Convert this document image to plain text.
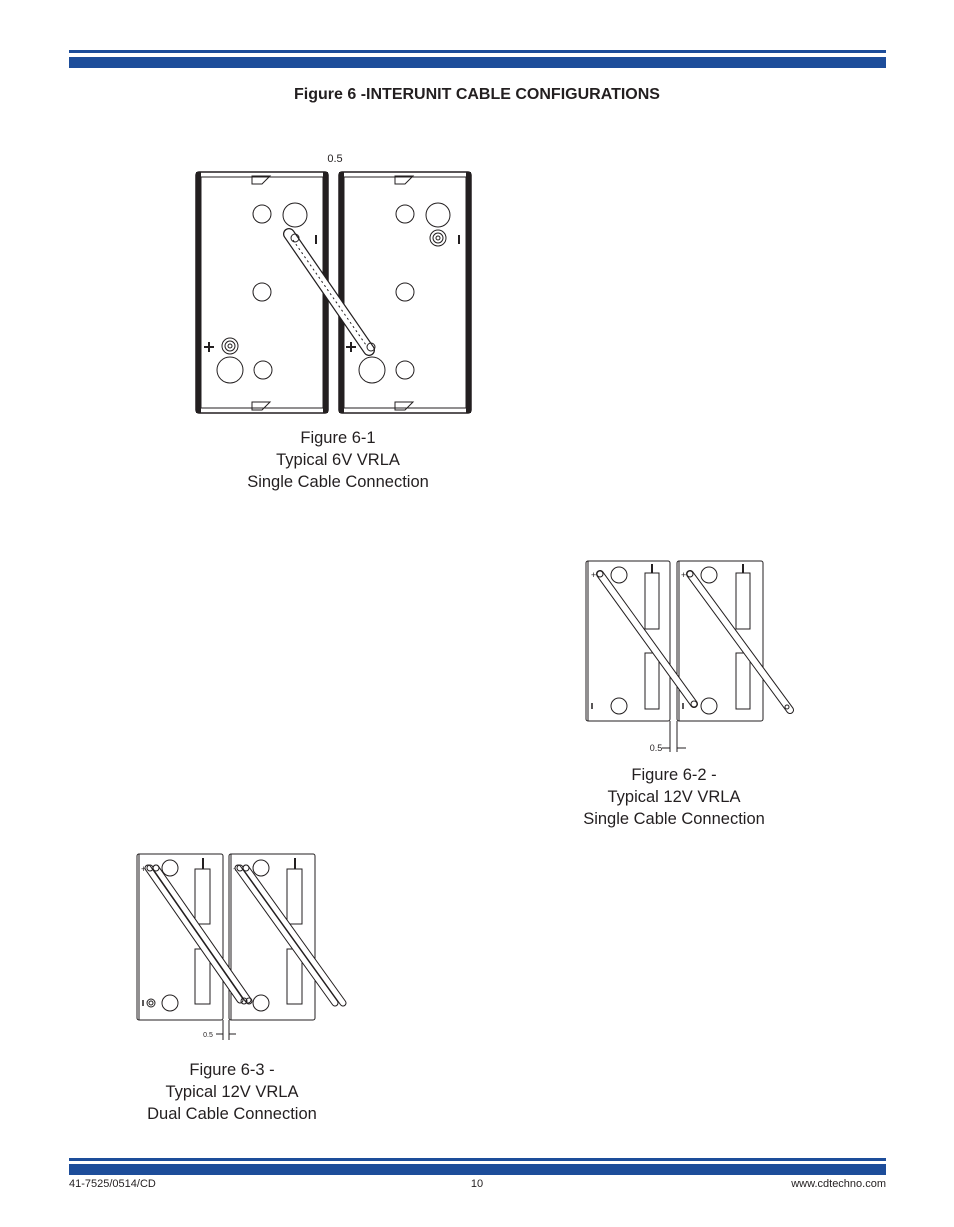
Figure 6 -INTERUNIT CABLE CONFIGURATIONS
0.5
Figure 6-1
Typical 6V VRLA
Single Cable Connection
+	+
0.5
Figure 6-2 -
Typical 12V VRLA
Single Cable Connection
+	+
0.5
Figure 6-3 -
Typical 12V VRLA
Dual Cable Connection
41-7525/0514/CD	10	www.cdtechno.com
